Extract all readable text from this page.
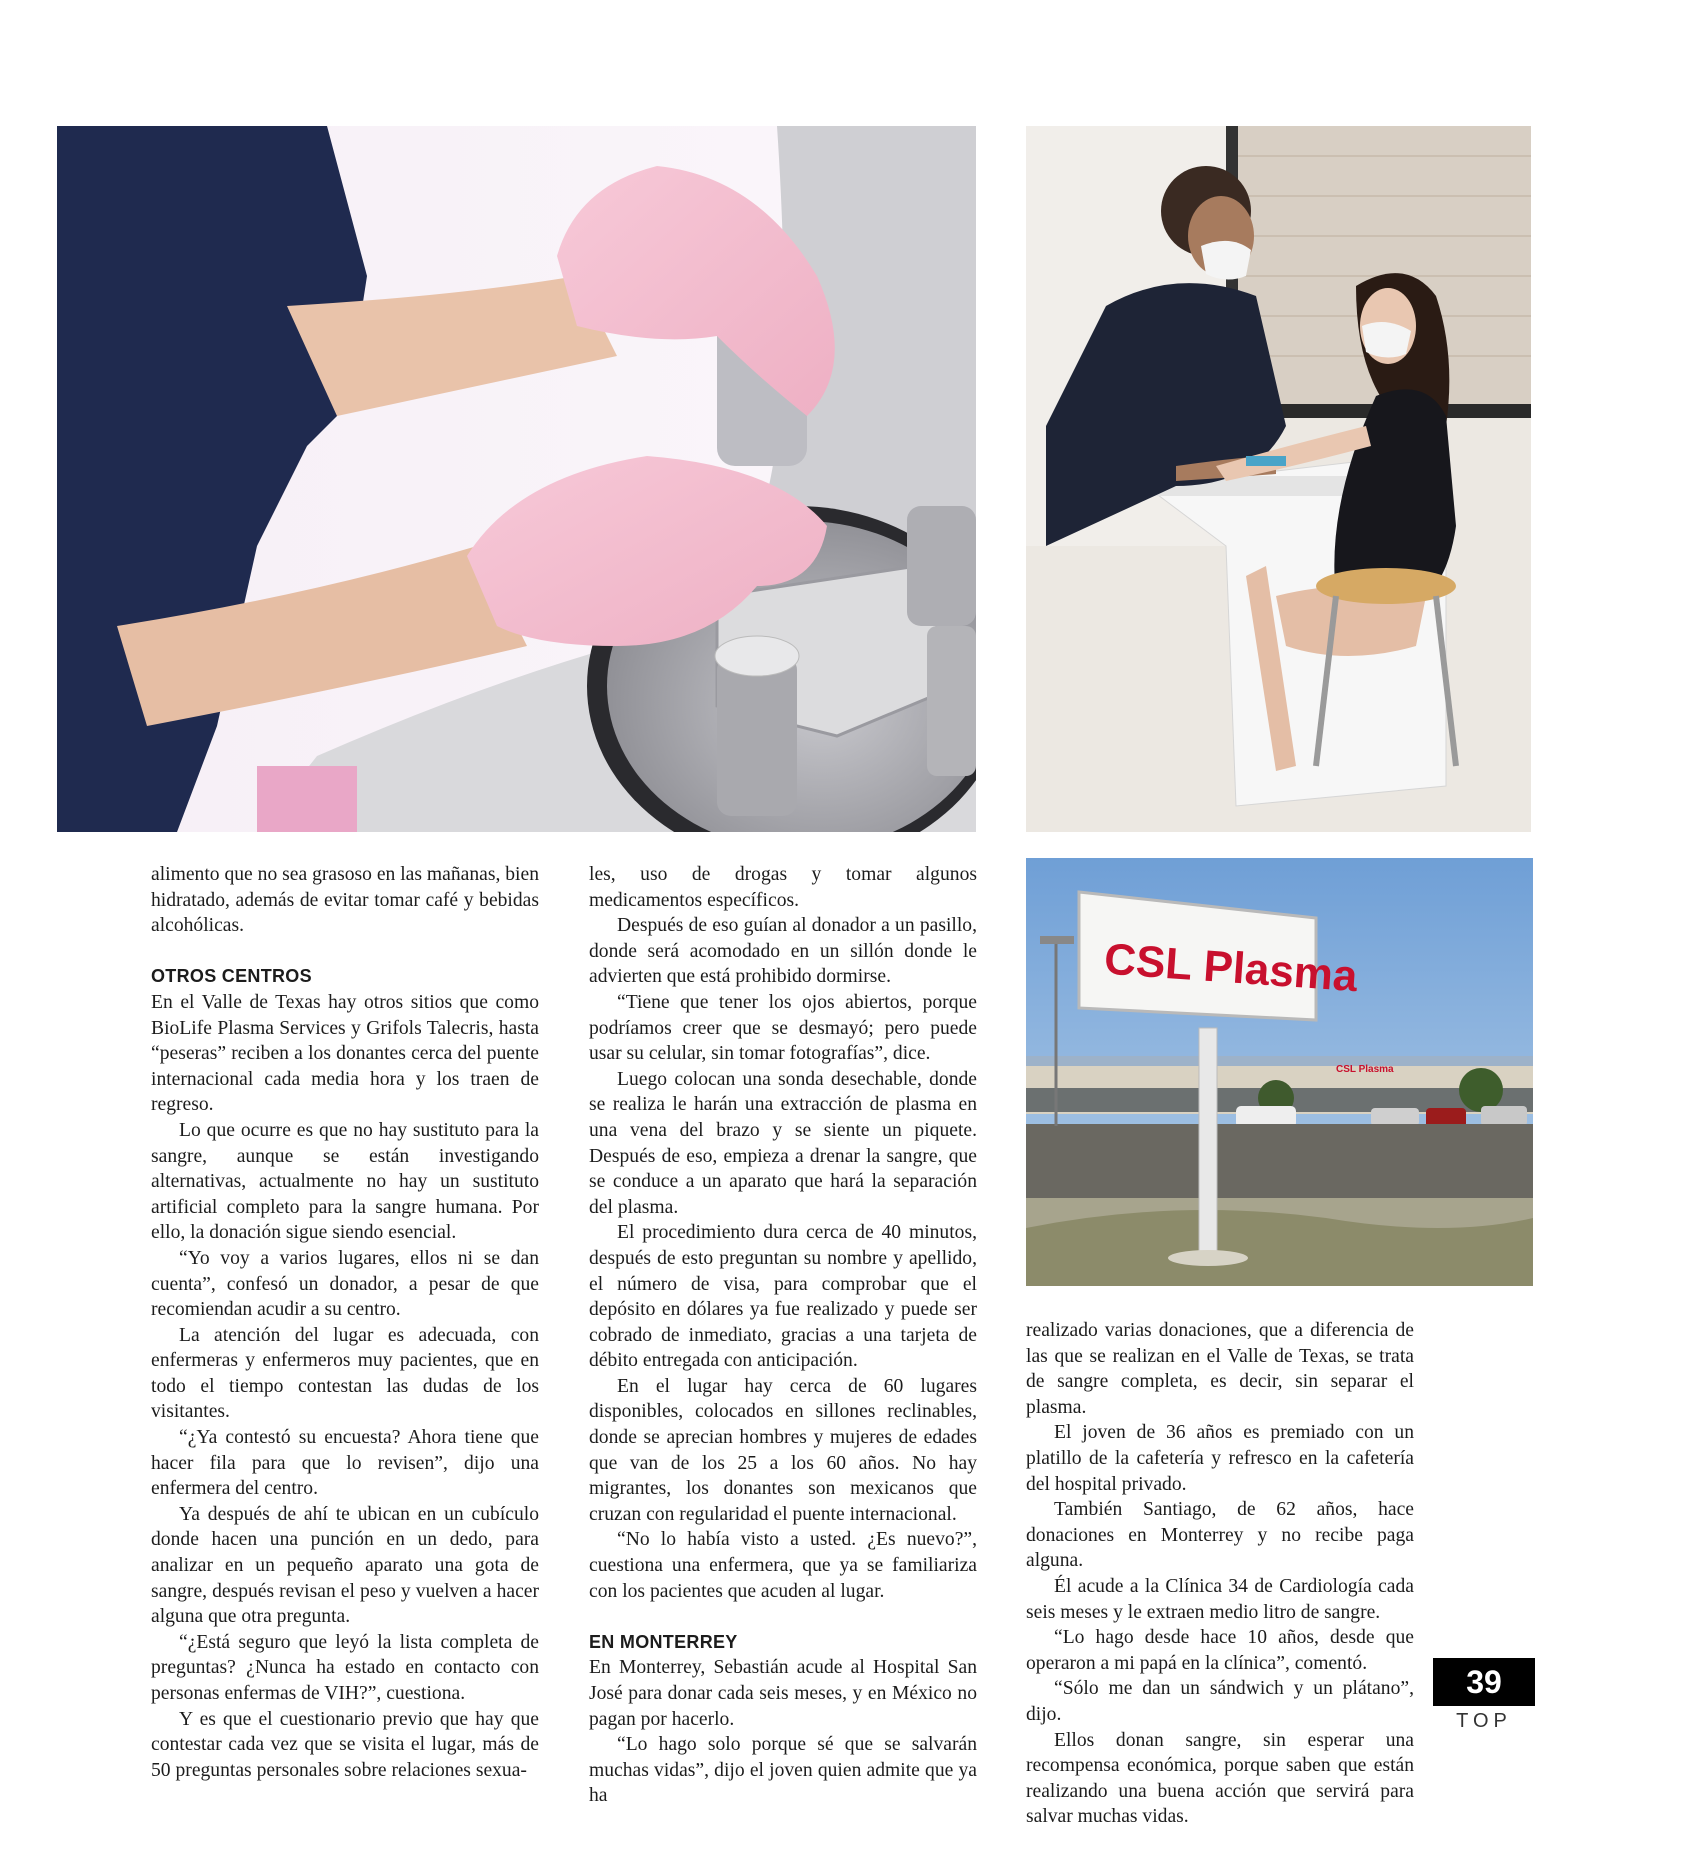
CSL Plasma
CSL Plasma

alimento que no sea grasoso en las mañanas, bien hidratado, además de evitar tomar café y bebidas alcohólicas.

OTROS CENTROS

En el Valle de Texas hay otros sitios que como BioLife Plasma Services y Grifols Talecris, hasta “peseras” reciben a los donantes cerca del puente internacional cada media hora y los traen de regreso.

Lo que ocurre es que no hay sustituto para la sangre, aunque se están investigando alternativas, actualmente no hay un sustituto artificial completo para la sangre humana. Por ello, la donación sigue siendo esencial.

“Yo voy a varios lugares, ellos ni se dan cuenta”, confesó un donador, a pesar de que recomiendan acudir a su centro.

La atención del lugar es adecuada, con enfermeras y enfermeros muy pacientes, que en todo el tiempo contestan las dudas de los visitantes.

“¿Ya contestó su encuesta? Ahora tiene que hacer fila para que lo revisen”, dijo una enfermera del centro.

Ya después de ahí te ubican en un cubículo donde hacen una punción en un dedo, para analizar en un pequeño aparato una gota de sangre, después revisan el peso y vuelven a hacer alguna que otra pregunta.

“¿Está seguro que leyó la lista completa de preguntas? ¿Nunca ha estado en contacto con personas enfermas de VIH?”, cuestiona.

Y es que el cuestionario previo que hay que contestar cada vez que se visita el lugar, más de 50 preguntas personales sobre relaciones sexua-

les, uso de drogas y tomar algunos medicamentos específicos.

Después de eso guían al donador a un pasillo, donde será acomodado en un sillón donde le advierten que está prohibido dormirse.

“Tiene que tener los ojos abiertos, porque podríamos creer que se desmayó; pero puede usar su celular, sin tomar fotografías”, dice.

Luego colocan una sonda desechable, donde se realiza le harán una extracción de plasma en una vena del brazo y se siente un piquete. Después de eso, empieza a drenar la sangre, que se conduce a un aparato que hará la separación del plasma.

El procedimiento dura cerca de 40 minutos, después de esto preguntan su nombre y apellido, el número de visa, para comprobar que el depósito en dólares ya fue realizado y puede ser cobrado de inmediato, gracias a una tarjeta de débito entregada con anticipación.

En el lugar hay cerca de 60 lugares disponibles, colocados en sillones reclinables, donde se aprecian hombres y mujeres de edades que van de los 25 a los 60 años. No hay migrantes, los donantes son mexicanos que cruzan con regularidad el puente internacional.

“No lo había visto a usted. ¿Es nuevo?”, cuestiona una enfermera, que ya se familiariza con los pacientes que acuden al lugar.

EN MONTERREY

En Monterrey, Sebastián acude al Hospital San José para donar cada seis meses, y en México no pagan por hacerlo.

“Lo hago solo porque sé que se salvarán muchas vidas”, dijo el joven quien admite que ya ha

realizado varias donaciones, que a diferencia de las que se realizan en el Valle de Texas, se trata de sangre completa, es decir, sin separar el plasma.

El joven de 36 años es premiado con un platillo de la cafetería y refresco en la cafetería del hospital privado.

También Santiago, de 62 años, hace donaciones en Monterrey y no recibe paga alguna.

Él acude a la Clínica 34 de Cardiología cada seis meses y le extraen medio litro de sangre.

“Lo hago desde hace 10 años, desde que operaron a mi papá en la clínica”, comentó.

“Sólo me dan un sándwich y un plátano”, dijo.

Ellos donan sangre, sin esperar una recompensa económica, porque saben que están realizando una buena acción que servirá para salvar muchas vidas.

39
TOP
